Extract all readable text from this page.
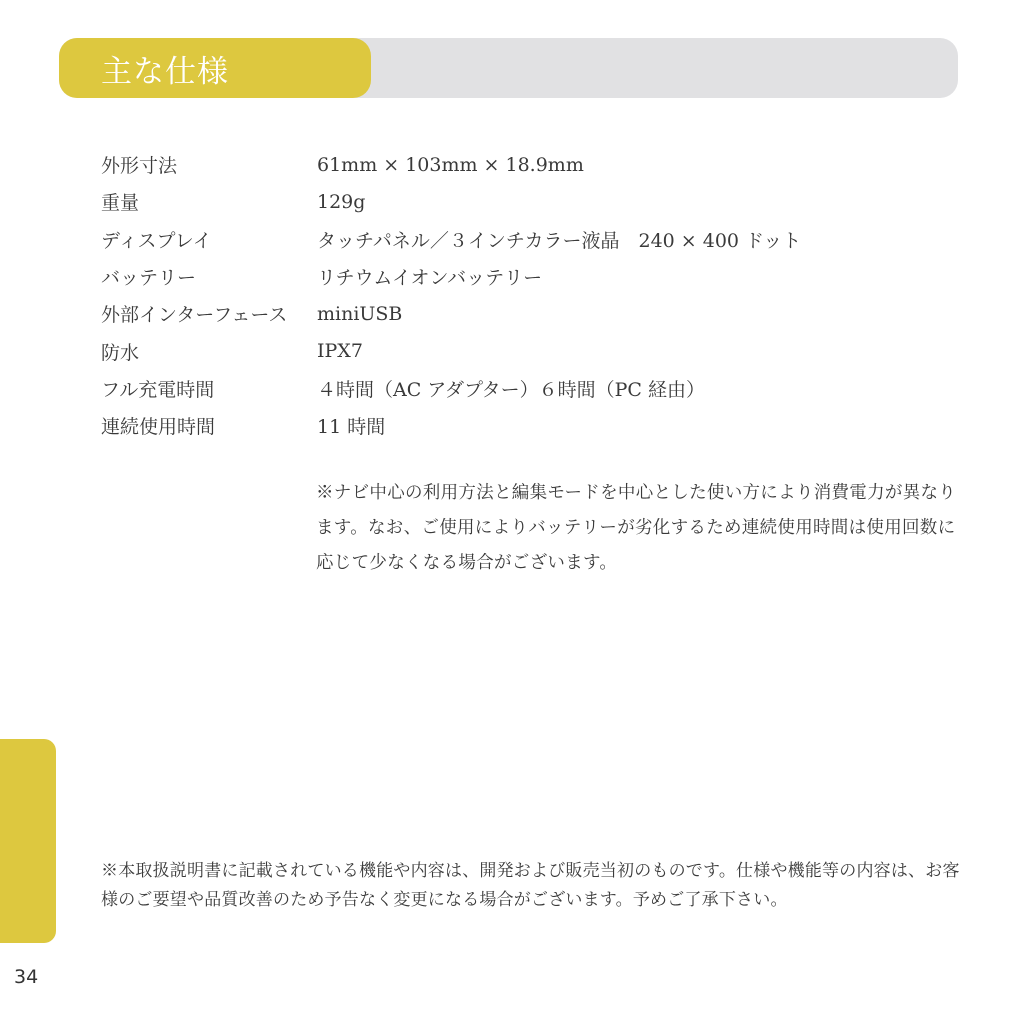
主な仕様
外形寸法	61mm × 103mm × 18.9mm
重量	129g
ディスプレイ	タッチパネル／３インチカラー液晶　240 × 400 ドット
バッテリー	リチウムイオンバッテリー
外部インターフェース	miniUSB
防水	IPX7
フル充電時間	４時間（AC アダプター）６時間（PC 経由）
連続使用時間	11 時間

※ナビ中心の利用方法と編集モードを中心とした使い方により消費電力が異なります。なお、ご使用によりバッテリーが劣化するため連続使用時間は使用回数に応じて少なくなる場合がございます。

※本取扱説明書に記載されている機能や内容は、開発および販売当初のものです。仕様や機能等の内容は、お客様のご要望や品質改善のため予告なく変更になる場合がございます。予めご了承下さい。

34
